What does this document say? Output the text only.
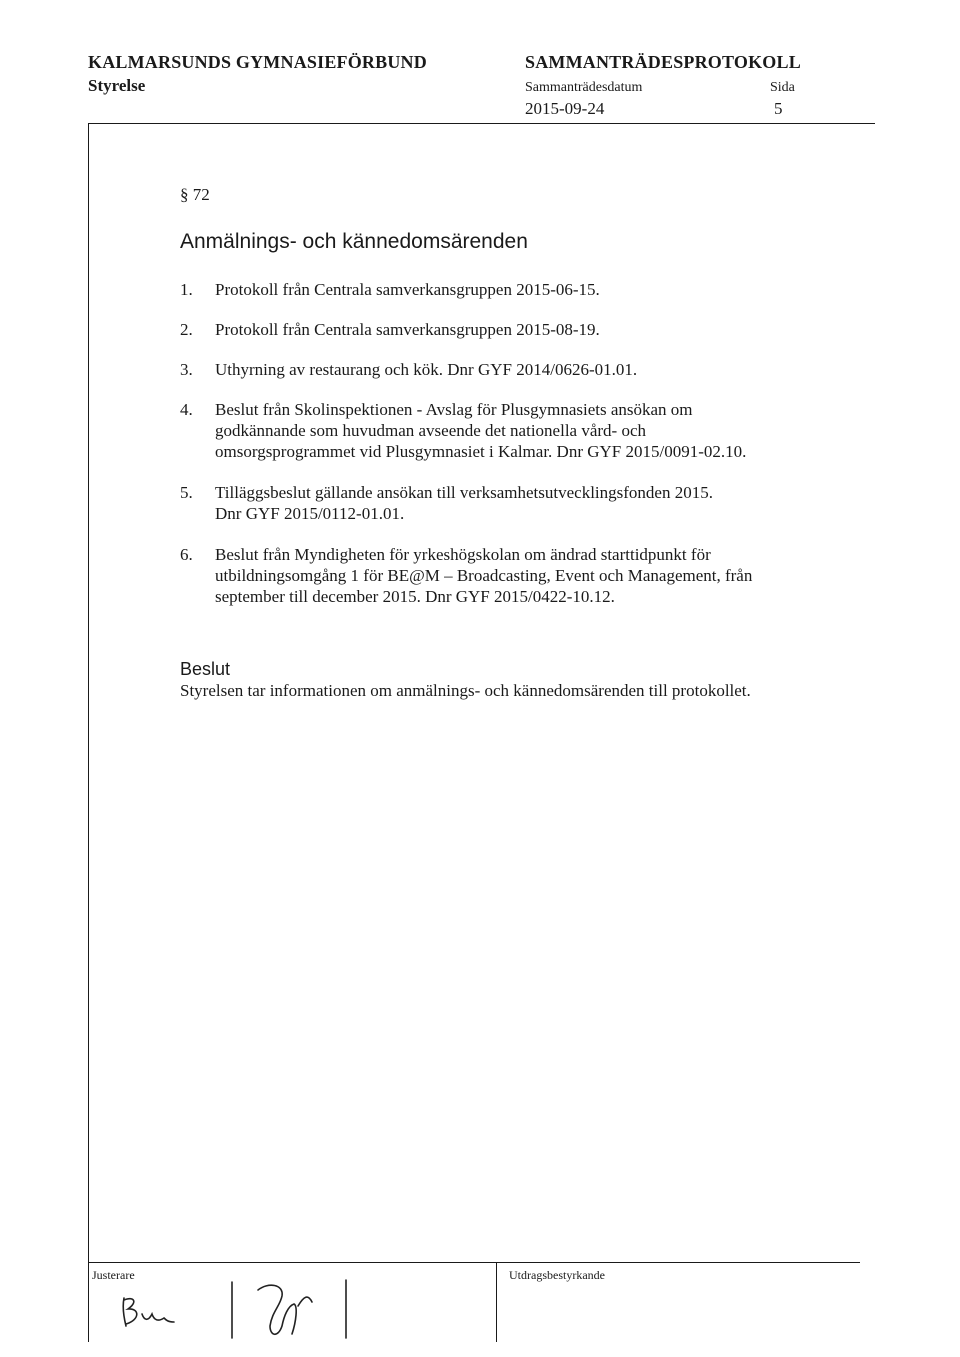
KALMARSUNDS GYMNASIEFÖRBUND
Styrelse
SAMMANTRÄDESPROTOKOLL
Sammanträdesdatum	Sida
2015-09-24	5
§ 72
Anmälnings- och kännedomsärenden
1. Protokoll från Centrala samverkansgruppen 2015-06-15.
2. Protokoll från Centrala samverkansgruppen 2015-08-19.
3. Uthyrning av restaurang och kök. Dnr GYF 2014/0626-01.01.
4. Beslut från Skolinspektionen - Avslag för Plusgymnasiets ansökan om
godkännande som huvudman avseende det nationella vård- och
omsorgsprogrammet vid Plusgymnasiet i Kalmar. Dnr GYF 2015/0091-02.10.
5. Tilläggsbeslut gällande ansökan till verksamhetsutvecklingsfonden 2015.
Dnr GYF 2015/0112-01.01.
6. Beslut från Myndigheten för yrkeshögskolan om ändrad starttidpunkt för
utbildningsomgång 1 för BE@M – Broadcasting, Event och Management, från
september till december 2015. Dnr GYF 2015/0422-10.12.
Beslut
Styrelsen tar informationen om anmälnings- och kännedomsärenden till protokollet.
Justerare	Utdragsbestyrkande
